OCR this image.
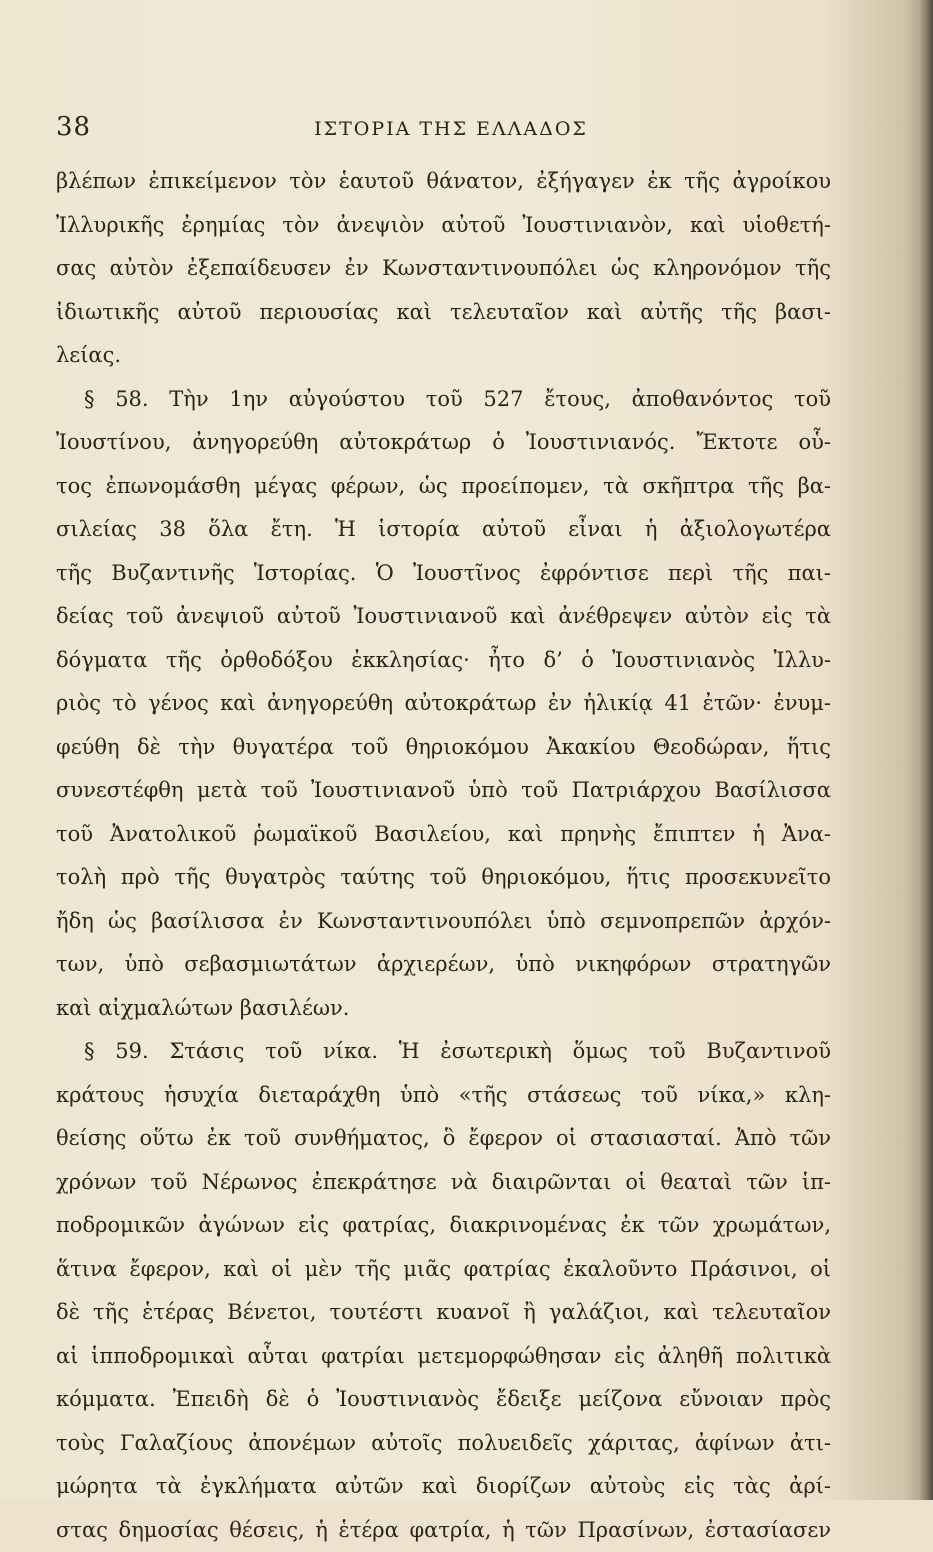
38	ΙΣΤΟΡΙΑ ΤΗΣ ΕΛΛΑΔΟΣ
βλέπων ἐπικείμενον τὸν ἑαυτοῦ θάνατον, ἐξήγαγεν ἐκ τῆς ἀγροίκου
Ἰλλυρικῆς ἐρημίας τὸν ἀνεψιὸν αὐτοῦ Ἰουστινιανὸν, καὶ υἱοθετή-
σας αὐτὸν ἐξεπαίδευσεν ἐν Κωνσταντινουπόλει ὡς κληρονόμον τῆς
ἰδιωτικῆς αὐτοῦ περιουσίας καὶ τελευταῖον καὶ αὐτῆς τῆς βασι-
λείας.
§ 58. Τὴν 1ην αὐγούστου τοῦ 527 ἔτους, ἀποθανόντος τοῦ
Ἰουστίνου, ἀνηγορεύθη αὐτοκράτωρ ὁ Ἰουστινιανός. Ἔκτοτε οὗ-
τος ἐπωνομάσθη μέγας φέρων, ὡς προείπομεν, τὰ σκῆπτρα τῆς βα-
σιλείας 38 ὅλα ἔτη. Ἡ ἱστορία αὐτοῦ εἶναι ἡ ἀξιολογωτέρα
τῆς Βυζαντινῆς Ἱστορίας. Ὁ Ἰουστῖνος ἐφρόντισε περὶ τῆς παι-
δείας τοῦ ἀνεψιοῦ αὐτοῦ Ἰουστινιανοῦ καὶ ἀνέθρεψεν αὐτὸν εἰς τὰ
δόγματα τῆς ὀρθοδόξου ἐκκλησίας· ἦτο δ’ ὁ Ἰουστινιανὸς Ἰλλυ-
ριὸς τὸ γένος καὶ ἀνηγορεύθη αὐτοκράτωρ ἐν ἡλικίᾳ 41 ἐτῶν· ἐνυμ-
φεύθη δὲ τὴν θυγατέρα τοῦ θηριοκόμου Ἀκακίου Θεοδώραν, ἥτις
συνεστέφθη μετὰ τοῦ Ἰουστινιανοῦ ὑπὸ τοῦ Πατριάρχου Βασίλισσα
τοῦ Ἀνατολικοῦ ῥωμαϊκοῦ Βασιλείου, καὶ πρηνὴς ἔπιπτεν ἡ Ἀνα-
τολὴ πρὸ τῆς θυγατρὸς ταύτης τοῦ θηριοκόμου, ἥτις προσεκυνεῖτο
ἤδη ὡς βασίλισσα ἐν Κωνσταντινουπόλει ὑπὸ σεμνοπρεπῶν ἀρχόν-
των, ὑπὸ σεβασμιωτάτων ἀρχιερέων, ὑπὸ νικηφόρων στρατηγῶν
καὶ αἰχμαλώτων βασιλέων.
§ 59. Στάσις τοῦ νίκα. Ἡ ἐσωτερικὴ ὅμως τοῦ Βυζαντινοῦ
κράτους ἡσυχία διεταράχθη ὑπὸ «τῆς στάσεως τοῦ νίκα,» κλη-
θείσης οὕτω ἐκ τοῦ συνθήματος, ὃ ἔφερον οἱ στασιασταί. Ἀπὸ τῶν
χρόνων τοῦ Νέρωνος ἐπεκράτησε νὰ διαιρῶνται οἱ θεαταὶ τῶν ἱπ-
ποδρομικῶν ἀγώνων εἰς φατρίας, διακρινομένας ἐκ τῶν χρωμάτων,
ἅτινα ἔφερον, καὶ οἱ μὲν τῆς μιᾶς φατρίας ἐκαλοῦντο Πράσινοι, οἱ
δὲ τῆς ἑτέρας Βένετοι, τουτέστι κυανοῖ ἢ γαλάζιοι, καὶ τελευταῖον
αἱ ἱπποδρομικαὶ αὗται φατρίαι μετεμορφώθησαν εἰς ἀληθῆ πολιτικὰ
κόμματα. Ἐπειδὴ δὲ ὁ Ἰουστινιανὸς ἔδειξε μείζονα εὔνοιαν πρὸς
τοὺς Γαλαζίους ἀπονέμων αὐτοῖς πολυειδεῖς χάριτας, ἀφίνων ἀτι-
μώρητα τὰ ἐγκλήματα αὐτῶν καὶ διορίζων αὐτοὺς εἰς τὰς ἀρί-
στας δημοσίας θέσεις, ἡ ἑτέρα φατρία, ἡ τῶν Πρασίνων, ἐστασίασεν
